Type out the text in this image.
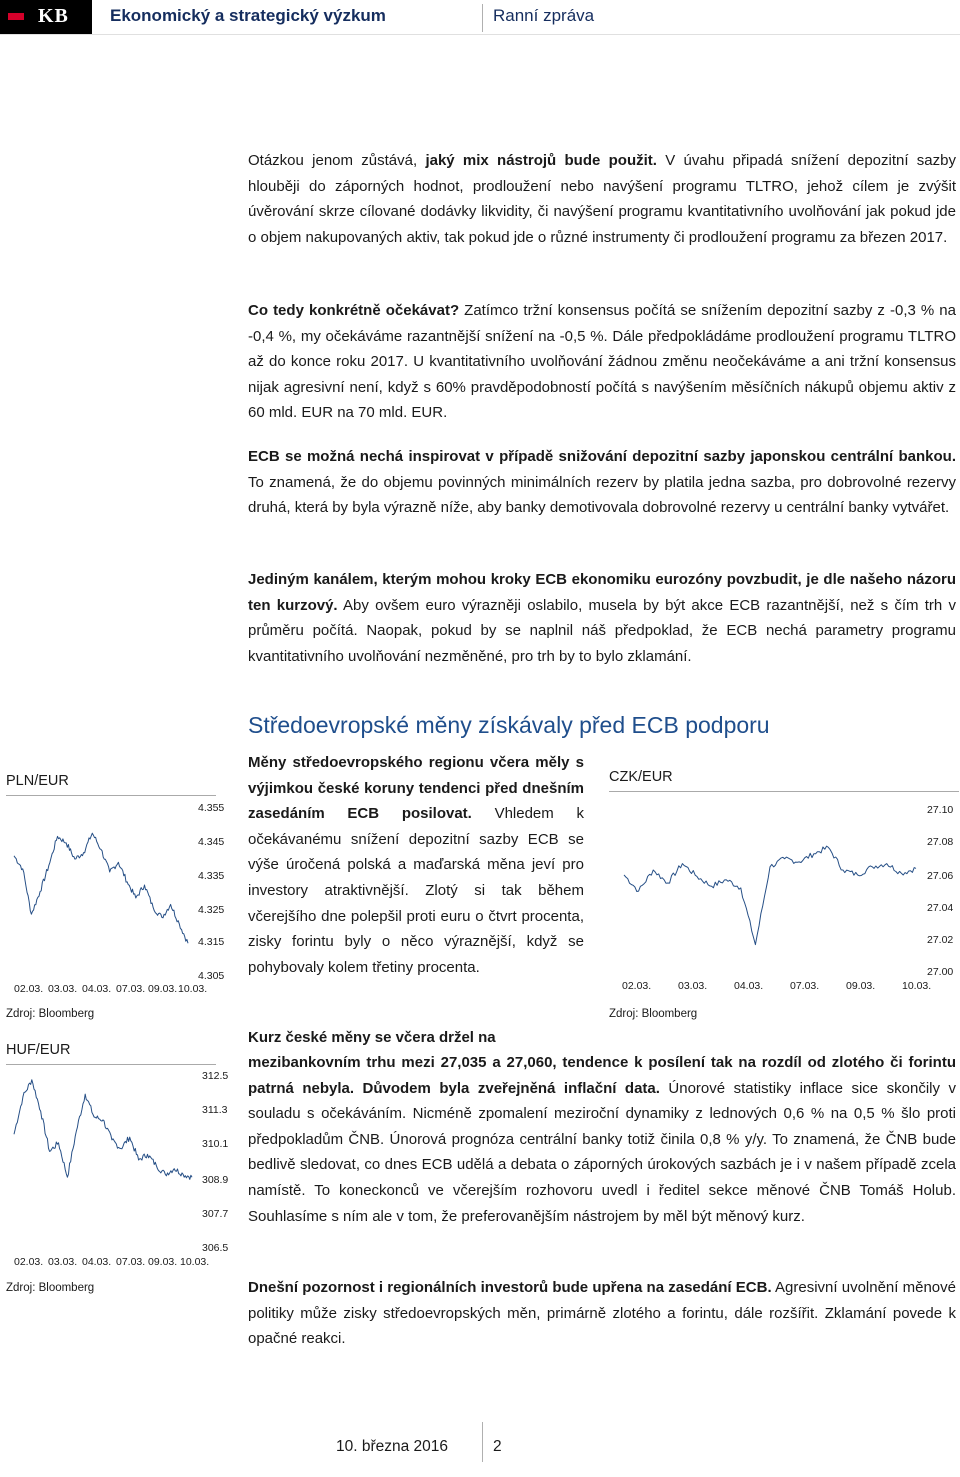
KB Ekonomický a strategický výzkum	Ranní zpráva

Otázkou jenom zůstává, jaký mix nástrojů bude použit. V úvahu připadá snížení depozitní sazby hlouběji do záporných hodnot, prodloužení nebo navýšení programu TLTRO, jehož cílem je zvýšit úvěrování skrze cílované dodávky likvidity, či navýšení programu kvantitativního uvolňování jak pokud jde o objem nakupovaných aktiv, tak pokud jde o různé instrumenty či prodloužení programu za březen 2017.

Co tedy konkrétně očekávat? Zatímco tržní konsensus počítá se snížením depozitní sazby z -0,3 % na -0,4 %, my očekáváme razantnější snížení na -0,5 %. Dále předpokládáme prodloužení programu TLTRO až do konce roku 2017. U kvantitativního uvolňování žádnou změnu neočekáváme a ani tržní konsensus nijak agresivní není, když s 60% pravděpodobností počítá s navýšením měsíčních nákupů objemu aktiv z 60 mld. EUR na 70 mld. EUR.

ECB se možná nechá inspirovat v případě snižování depozitní sazby japonskou centrální bankou. To znamená, že do objemu povinných minimálních rezerv by platila jedna sazba, pro dobrovolné rezervy druhá, která by byla výrazně níže, aby banky demotivovala dobrovolné rezervy u centrální banky vytvářet.

Jediným kanálem, kterým mohou kroky ECB ekonomiku eurozóny povzbudit, je dle našeho názoru ten kurzový. Aby ovšem euro výrazněji oslabilo, musela by být akce ECB razantnější, než s čím trh v průměru počítá. Naopak, pokud by se naplnil náš předpoklad, že ECB nechá parametry programu kvantitativního uvolňování nezměněné, pro trh by to bylo zklamání.

Středoevropské měny získávaly před ECB podporu

Měny středoevropského regionu včera měly s výjimkou české koruny tendenci před dnešním zasedáním ECB posilovat. Vhledem k očekávanému snížení depozitní sazby ECB se výše úročená polská a maďarská měna jeví pro investory atraktivnější. Zlotý si tak během včerejšího dne polepšil proti euru o čtvrt procenta, zisky forintu byly o něco výraznější, když se pohybovaly kolem třetiny procenta.

Kurz české měny se včera držel na

mezibankovním trhu mezi 27,035 a 27,060, tendence k posílení tak na rozdíl od zlotého či forintu patrná nebyla. Důvodem byla zveřejněná inflační data. Únorové statistiky inflace sice skončily v souladu s očekáváním. Nicméně zpomalení meziroční dynamiky z lednových 0,6 % na 0,5 % šlo proti předpokladům ČNB. Únorová prognóza centrální banky totiž činila 0,8 % y/y. To znamená, že ČNB bude bedlivě sledovat, co dnes ECB udělá a debata o záporných úrokových sazbách je i v našem případě zcela namístě. To koneckonců ve včerejším rozhovoru uvedl i ředitel sekce měnové ČNB Tomáš Holub. Souhlasíme s ním ale v tom, že preferovanějším nástrojem by měl být měnový kurz.

Dnešní pozornost i regionálních investorů bude upřena na zasedání ECB. Agresivní uvolnění měnové politiky může zisky středoevropských měn, primárně zlotého a forintu, dále rozšířit. Zklamání povede k opačné reakci.

PLN/EUR
4.355
4.345
4.335
4.325
4.315
4.305
02.03. 03.03. 04.03. 07.03. 09.03. 10.03.
Zdroj: Bloomberg
HUF/EUR
312.5
311.3
310.1
308.9
307.7
306.5
02.03. 03.03. 04.03. 07.03. 09.03. 10.03.
Zdroj: Bloomberg
CZK/EUR
27.10
27.08
27.06
27.04
27.02
27.00
02.03.	03.03.	04.03.	07.03.	09.03.	10.03.
Zdroj: Bloomberg
10. března 2016	2
